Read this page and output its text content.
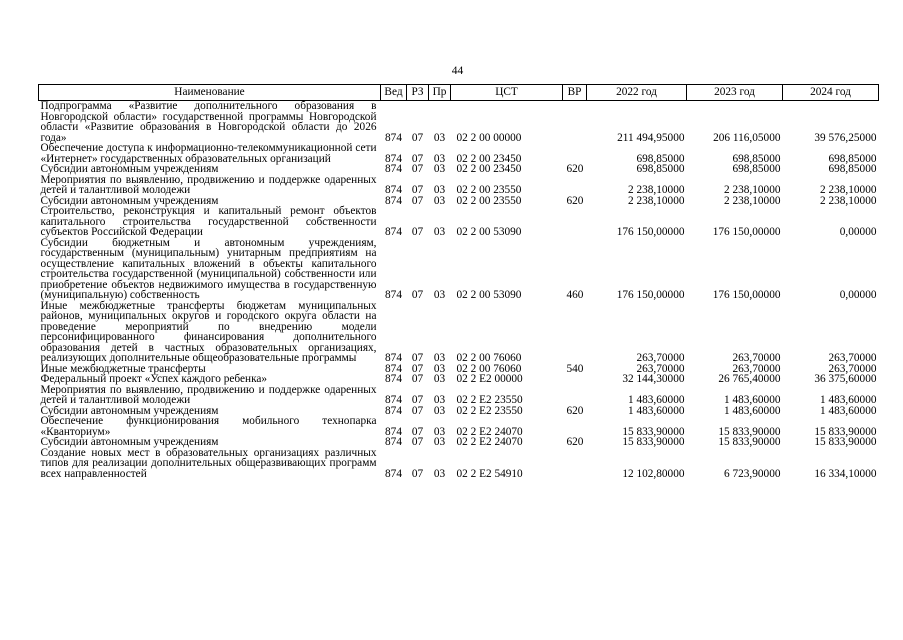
44
Наименование	Вед	РЗ	Пр	ЦСТ	ВР	2022 год	2023 год	2024 год
Подпрограмма «Развитие дополнительного образования в Новгородской области» государственной программы Новгородской области «Развитие образования в Новгородской области до 2026 года»	874	07	03	02 2 00 00000		211 494,95000	206 116,05000	39 576,25000
Обеспечение доступа к информационно-телекоммуникационной сети «Интернет» государственных образовательных организаций	874	07	03	02 2 00 23450		698,85000	698,85000	698,85000
Субсидии автономным учреждениям	874	07	03	02 2 00 23450	620	698,85000	698,85000	698,85000
Мероприятия по выявлению, продвижению и поддержке одаренных детей и талантливой молодежи	874	07	03	02 2 00 23550		2 238,10000	2 238,10000	2 238,10000
Субсидии автономным учреждениям	874	07	03	02 2 00 23550	620	2 238,10000	2 238,10000	2 238,10000
Строительство, реконструкция и капитальный ремонт объектов капитального строительства государственной собственности субъектов Российской Федерации	874	07	03	02 2 00 53090		176 150,00000	176 150,00000	0,00000
Субсидии бюджетным и автономным учреждениям, государственным (муниципальным) унитарным предприятиям на осуществление капитальных вложений в объекты капитального строительства государственной (муниципальной) собственности или приобретение объектов недвижимого имущества в государственную (муниципальную) собственность	874	07	03	02 2 00 53090	460	176 150,00000	176 150,00000	0,00000
Иные межбюджетные трансферты бюджетам муниципальных районов, муниципальных округов и городского округа области на проведение мероприятий по внедрению модели персонифицированного финансирования дополнительного образования детей в частных образовательных организациях, реализующих дополнительные общеобразовательные программы	874	07	03	02 2 00 76060		263,70000	263,70000	263,70000
Иные межбюджетные трансферты	874	07	03	02 2 00 76060	540	263,70000	263,70000	263,70000
Федеральный проект «Успех каждого ребенка»	874	07	03	02 2 E2 00000		32 144,30000	26 765,40000	36 375,60000
Мероприятия по выявлению, продвижению и поддержке одаренных детей и талантливой молодежи	874	07	03	02 2 E2 23550		1 483,60000	1 483,60000	1 483,60000
Субсидии автономным учреждениям	874	07	03	02 2 E2 23550	620	1 483,60000	1 483,60000	1 483,60000
Обеспечение функционирования мобильного технопарка «Кванториум»	874	07	03	02 2 E2 24070		15 833,90000	15 833,90000	15 833,90000
Субсидии автономным учреждениям	874	07	03	02 2 E2 24070	620	15 833,90000	15 833,90000	15 833,90000
Создание новых мест в образовательных организациях различных типов для реализации дополнительных общеразвивающих программ всех направленностей	874	07	03	02 2 E2 54910		12 102,80000	6 723,90000	16 334,10000
